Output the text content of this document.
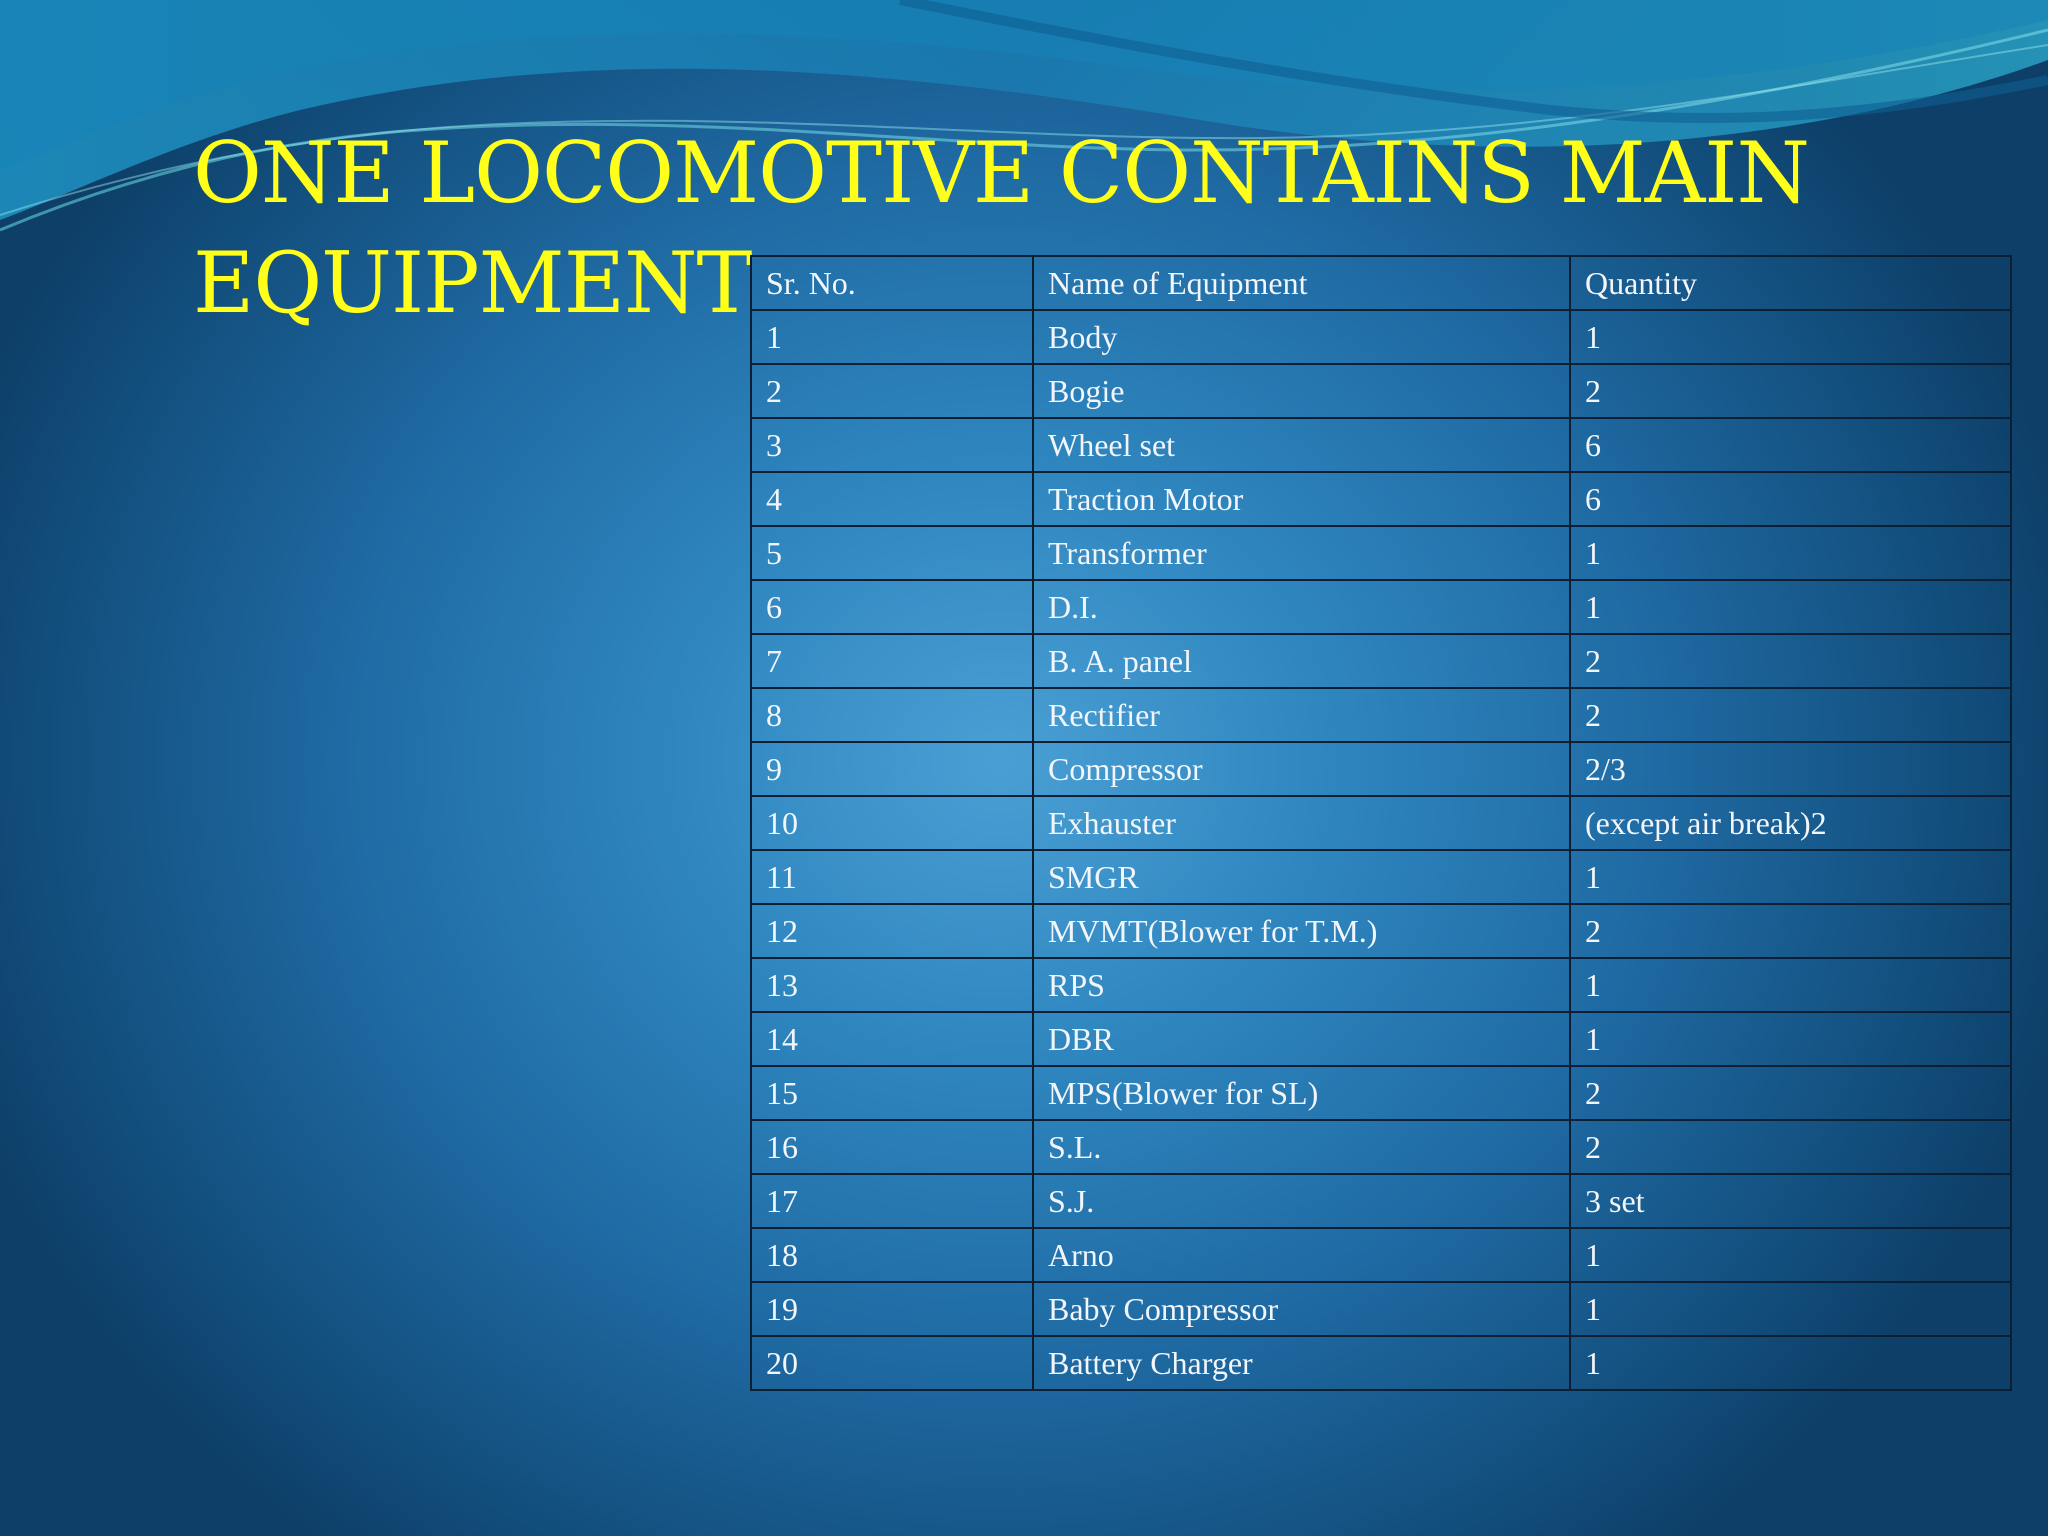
ONE LOCOMOTIVE CONTAINS MAIN EQUIPMENT Sr. No.	Name of Equipment	Quantity
1	Body	1
2	Bogie	2
3	Wheel set	6
4	Traction Motor	6
5	Transformer	1
6	D.I.	1
7	B. A. panel	2
8	Rectifier	2
9	Compressor	2/3
10	Exhauster	(except air break)2
11	SMGR	1
12	MVMT(Blower for T.M.)	2
13	RPS	1
14	DBR	1
15	MPS(Blower for SL)	2
16	S.L.	2
17	S.J.	3 set
18	Arno	1
19	Baby Compressor	1
20	Battery Charger	1
